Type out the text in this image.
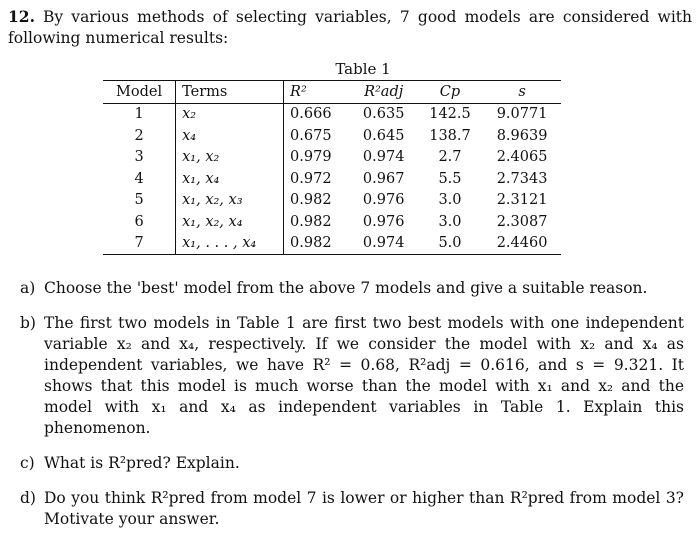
12. By various methods of selecting variables, 7 good models are considered with following numerical results:

Table 1
Model	Terms	R²	R²adj	Cp	s
1	x₂	0.666	0.635	142.5	9.0771
2	x₄	0.675	0.645	138.7	8.9639
3	x₁, x₂	0.979	0.974	2.7	2.4065
4	x₁, x₄	0.972	0.967	5.5	2.7343
5	x₁, x₂, x₃	0.982	0.976	3.0	2.3121
6	x₁, x₂, x₄	0.982	0.976	3.0	2.3087
7	x₁, . . . , x₄	0.982	0.974	5.0	2.4460
a) Choose the 'best' model from the above 7 models and give a suitable reason.
b) The first two models in Table 1 are first two best models with one independent variable x₂ and x₄, respectively. If we consider the model with x₂ and x₄ as independent variables, we have R² = 0.68, R²adj = 0.616, and s = 9.321. It shows that this model is much worse than the model with x₁ and x₂ and the model with x₁ and x₄ as independent variables in Table 1. Explain this phenomenon.
c) What is R²pred? Explain.
d) Do you think R²pred from model 7 is lower or higher than R²pred from model 3? Motivate your answer.
